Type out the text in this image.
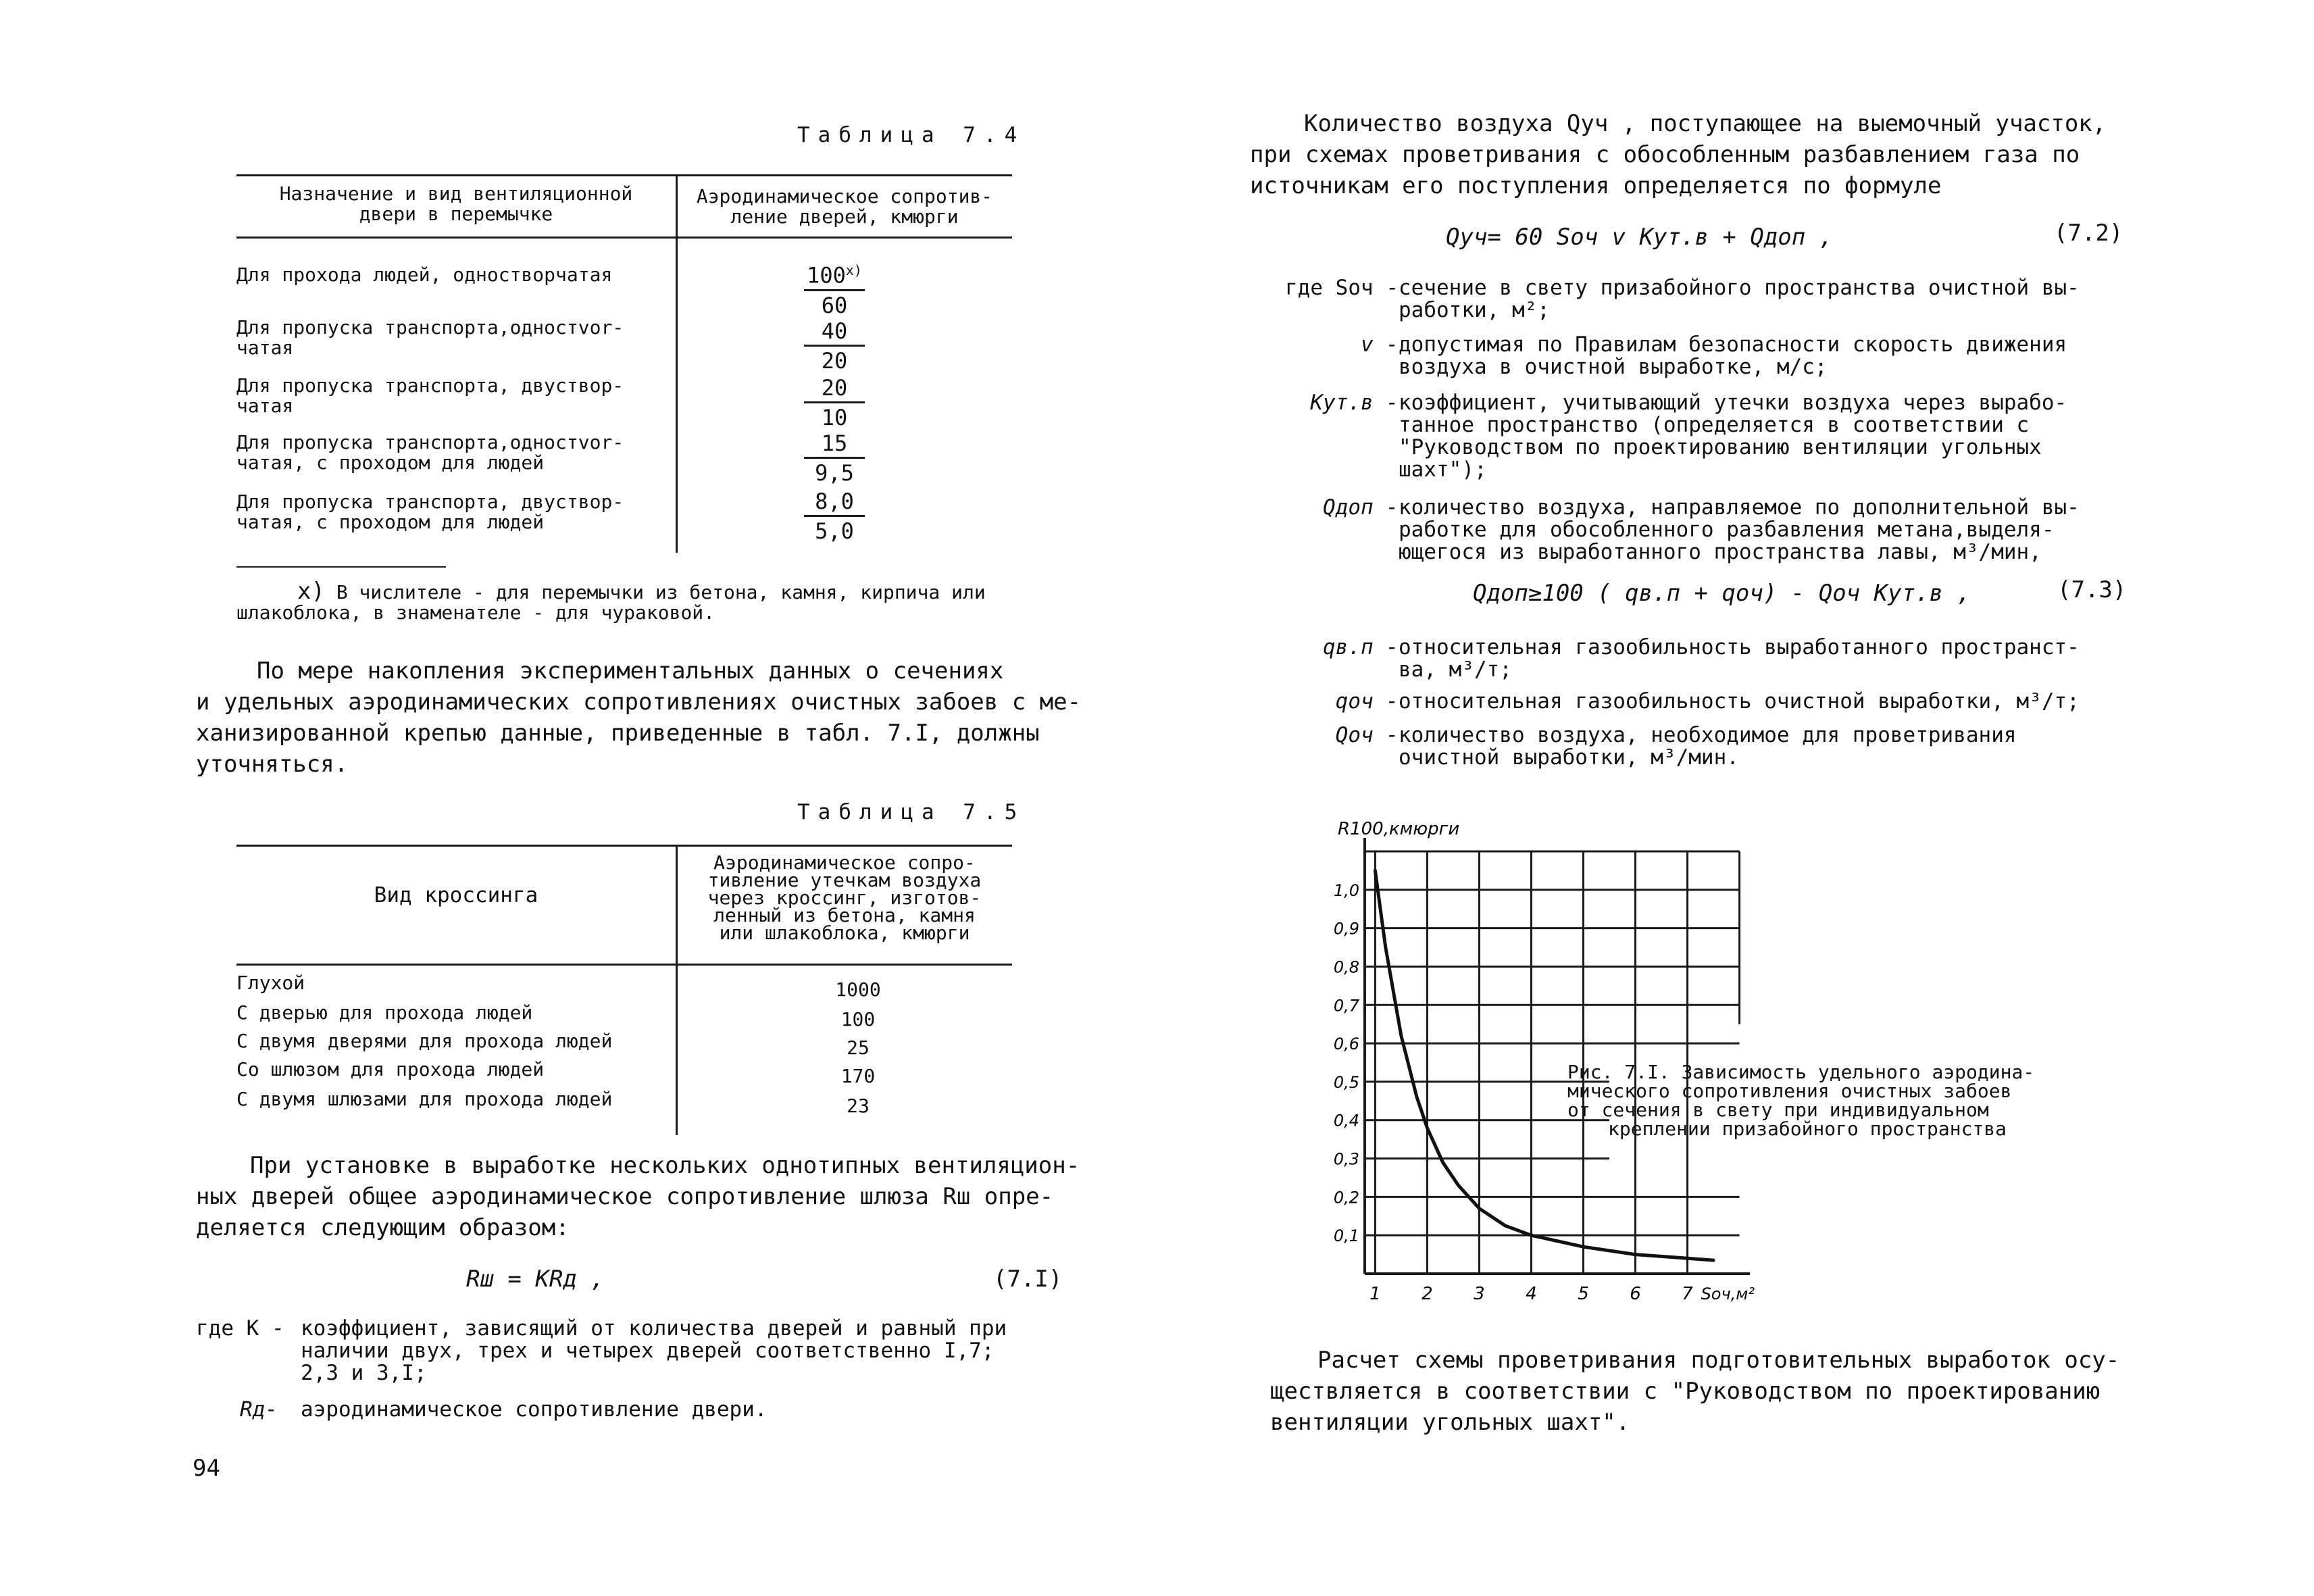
Таблица 7.4
Назначение и вид вентиляционной
двери в перемычке
Аэродинамическое сопротив-
ление дверей, кмюрги
Для прохода людей, одностворчатая	$\frac{100^{x)}}{60}$
Для пропуска транспорта,одностvor-
чатая	$\frac{40}{20}$
Для пропуска транспорта, двуствор-
чатая	$\frac{20}{10}$
Для пропуска транспорта,одностvor-
чатая, с проходом для людей	$\frac{15}{9,5}$
Для пропуска транспорта, двуствор-
чатая, с проходом для людей	$\frac{8,0}{5,0}$
x) В числителе - для перемычки из бетона, камня, кирпича или
шлакоблока, в знаменателе - для чураковой.
По мере накопления экспериментальных данных о сечениях
и удельных аэродинамических сопротивлениях очистных забоев с ме-
ханизированной крепью данные, приведенные в табл. 7.I, должны
уточняться.
Таблица 7.5
Вид кроссинга
Аэродинамическое сопро-
тивление утечкам воздуха
через кроссинг, изготов-
ленный из бетона, камня
или шлакоблока, кмюрги
Глухой	1000
С дверью для прохода людей	100
С двумя дверями для прохода людей	25
Со шлюзом для прохода людей	170
С двумя шлюзами для прохода людей	23
При установке в выработке нескольких однотипных вентиляцион-
ных дверей общее аэродинамическое сопротивление шлюза Rш опре-
деляется следующим образом:
Rш = KRд ,	(7.I)
где К - коэффициент, зависящий от количества дверей и равный при
наличии двух, трех и четырех дверей соответственно I,7;
2,3 и 3,I;
Rд- аэродинамическое сопротивление двери.
94
Количество воздуха Qуч , поступающее на выемочный участок,
при схемах проветривания с обособленным разбавлением газа по
источникам его поступления определяется по формуле
Qуч= 60 Sоч v Kут.в + Qдоп ,	(7.2)
где Sоч - сечение в свету призабойного пространства очистной вы-
работки, м²;
v - допустимая по Правилам безопасности скорость движения
воздуха в очистной выработке, м/с;
Kут.в - коэффициент, учитывающий утечки воздуха через вырабо-
танное пространство (определяется в соответствии с
"Руководством по проектированию вентиляции угольных
шахт");
Qдоп - количество воздуха, направляемое по дополнительной вы-
работке для обособленного разбавления метана,выделя-
ющегося из выработанного пространства лавы, м³/мин,
Qдоп≥100 ( qв.п + qоч) - Qоч Kут.в ,	(7.3)
qв.п - относительная газообильность выработанного пространст-
ва, м³/т;
qоч - относительная газообильность очистной выработки, м³/т;
Qоч - количество воздуха, необходимое для проветривания
очистной выработки, м³/мин.
1 2 3 4 5 6 7
1,0
0,9
0,8
0,7
0,6
0,5
0,4
0,3
0,2
0,1
R100,кмюрги
Sоч,м²
Рис. 7.I. Зависимость удельного аэродина-
мического сопротивления очистных забоев
от сечения в свету при индивидуальном
креплении призабойного пространства
Расчет схемы проветривания подготовительных выработок осу-
ществляется в соответствии с "Руководством по проектированию
вентиляции угольных шахт".
